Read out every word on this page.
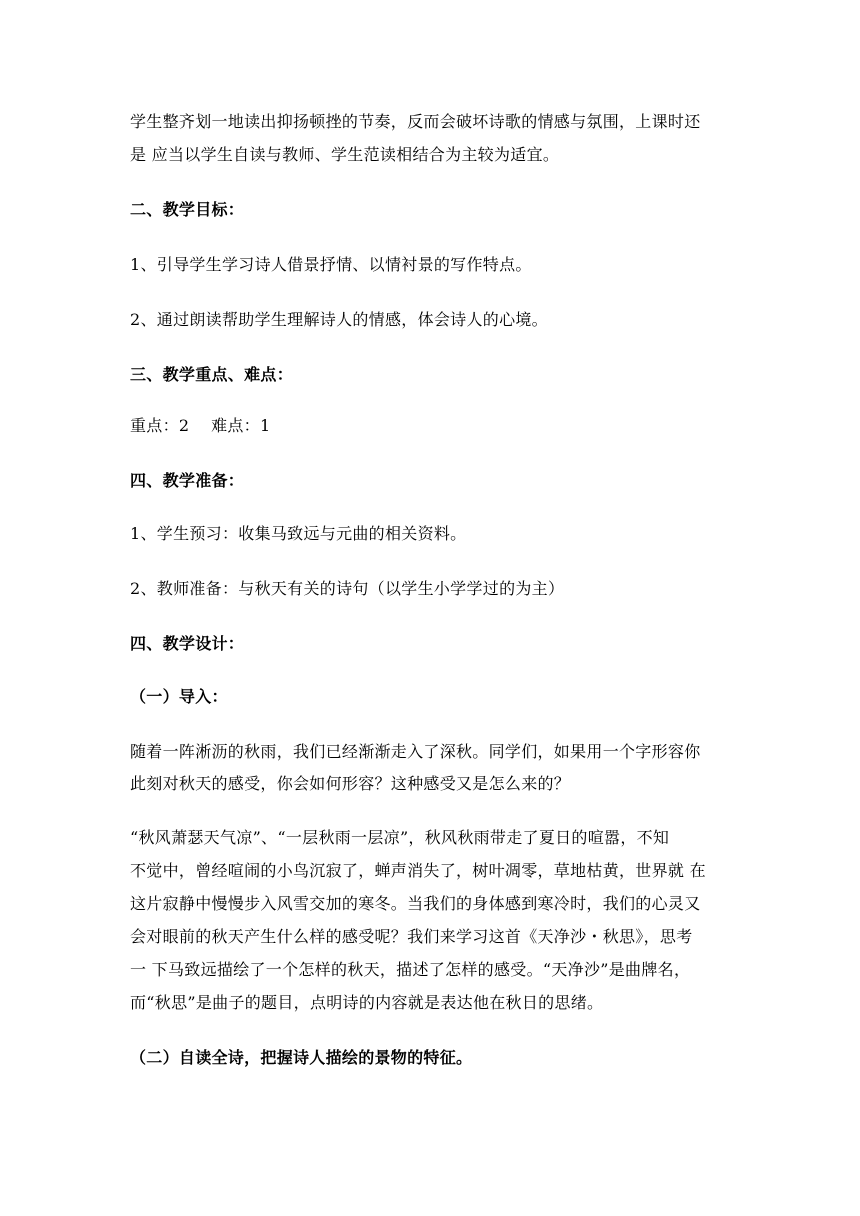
学生整齐划一地读出抑扬顿挫的节奏，反而会破坏诗歌的情感与氛围，上课时还
是 应当以学生自读与教师、学生范读相结合为主较为适宜。
二、教学目标：
1、引导学生学习诗人借景抒情、以情衬景的写作特点。
2、通过朗读帮助学生理解诗人的情感，体会诗人的心境。
三、教学重点、难点：
重点：2　 难点：1
四、教学准备：
1、学生预习：收集马致远与元曲的相关资料。
2、教师准备：与秋天有关的诗句（以学生小学学过的为主）
四、教学设计：
（一）导入：
随着一阵淅沥的秋雨，我们已经渐渐走入了深秋。同学们，如果用一个字形容你
此刻对秋天的感受，你会如何形容？这种感受又是怎么来的？
“秋风萧瑟天气凉”、“一层秋雨一层凉”，秋风秋雨带走了夏日的喧嚣，不知
不觉中，曾经喧闹的小鸟沉寂了，蝉声消失了，树叶凋零，草地枯黄，世界就 在
这片寂静中慢慢步入风雪交加的寒冬。当我们的身体感到寒冷时，我们的心灵又
会对眼前的秋天产生什么样的感受呢？我们来学习这首《天净沙・秋思》，思考
一 下马致远描绘了一个怎样的秋天，描述了怎样的感受。“天净沙”是曲牌名，
而“秋思”是曲子的题目，点明诗的内容就是表达他在秋日的思绪。
（二）自读全诗，把握诗人描绘的景物的特征。
